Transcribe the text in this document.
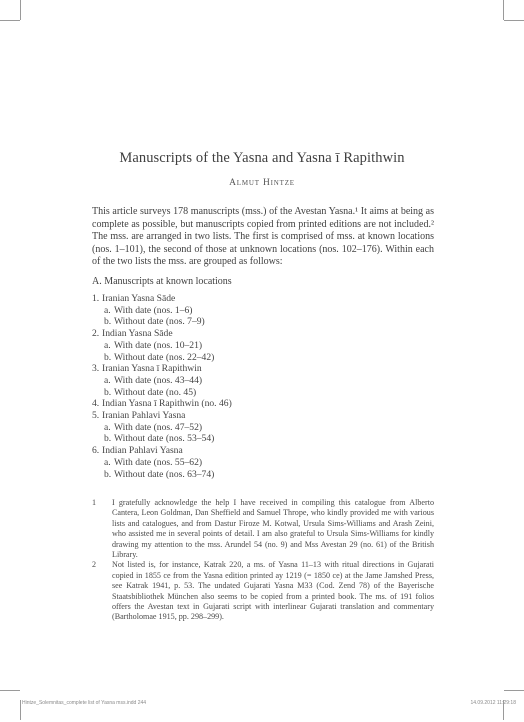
Manuscripts of the Yasna and Yasna ī Rapithwin
Almut Hintze

This article surveys 178 manuscripts (mss.) of the Avestan Yasna.¹ It aims at being as complete as possible, but manuscripts copied from printed editions are not included.² The mss. are arranged in two lists. The first is comprised of mss. at known locations (nos. 1–101), the second of those at unknown locations (nos. 102–176). Within each of the two lists the mss. are grouped as follows:

A. Manuscripts at known locations
1. Iranian Yasna Sāde
a. With date (nos. 1–6)
b. Without date (nos. 7–9)
2. Indian Yasna Sāde
a. With date (nos. 10–21)
b. Without date (nos. 22–42)
3. Iranian Yasna ī Rapithwin
a. With date (nos. 43–44)
b. Without date (no. 45)
4. Indian Yasna ī Rapithwin (no. 46)
5. Iranian Pahlavi Yasna
a. With date (nos. 47–52)
b. Without date (nos. 53–54)
6. Indian Pahlavi Yasna
a. With date (nos. 55–62)
b. Without date (nos. 63–74)
1	I gratefully acknowledge the help I have received in compiling this catalogue from Alberto Cantera, Leon Goldman, Dan Sheffield and Samuel Thrope, who kindly provided me with various lists and catalogues, and from Dastur Firoze M. Kotwal, Ursula Sims-Williams and Arash Zeini, who assisted me in several points of detail. I am also grateful to Ursula Sims-Williams for kindly drawing my attention to the mss. Arundel 54 (no. 9) and Mss Avestan 29 (no. 61) of the British Library.
2	Not listed is, for instance, Katrak 220, a ms. of Yasna 11–13 with ritual directions in Gujarati copied in 1855 ce from the Yasna edition printed ay 1219 (= 1850 ce) at the Jame Jamshed Press, see Katrak 1941, p. 53. The undated Gujarati Yasna M33 (Cod. Zend 78) of the Bayerische Staatsbibliothek München also seems to be copied from a printed book. The ms. of 191 folios offers the Avestan text in Gujarati script with interlinear Gujarati translation and commentary (Bartholomae 1915, pp. 298–299).
Hintze_Solemnitas_complete list of Yasna mss.indd 244	14.09.2012 11:29:18
